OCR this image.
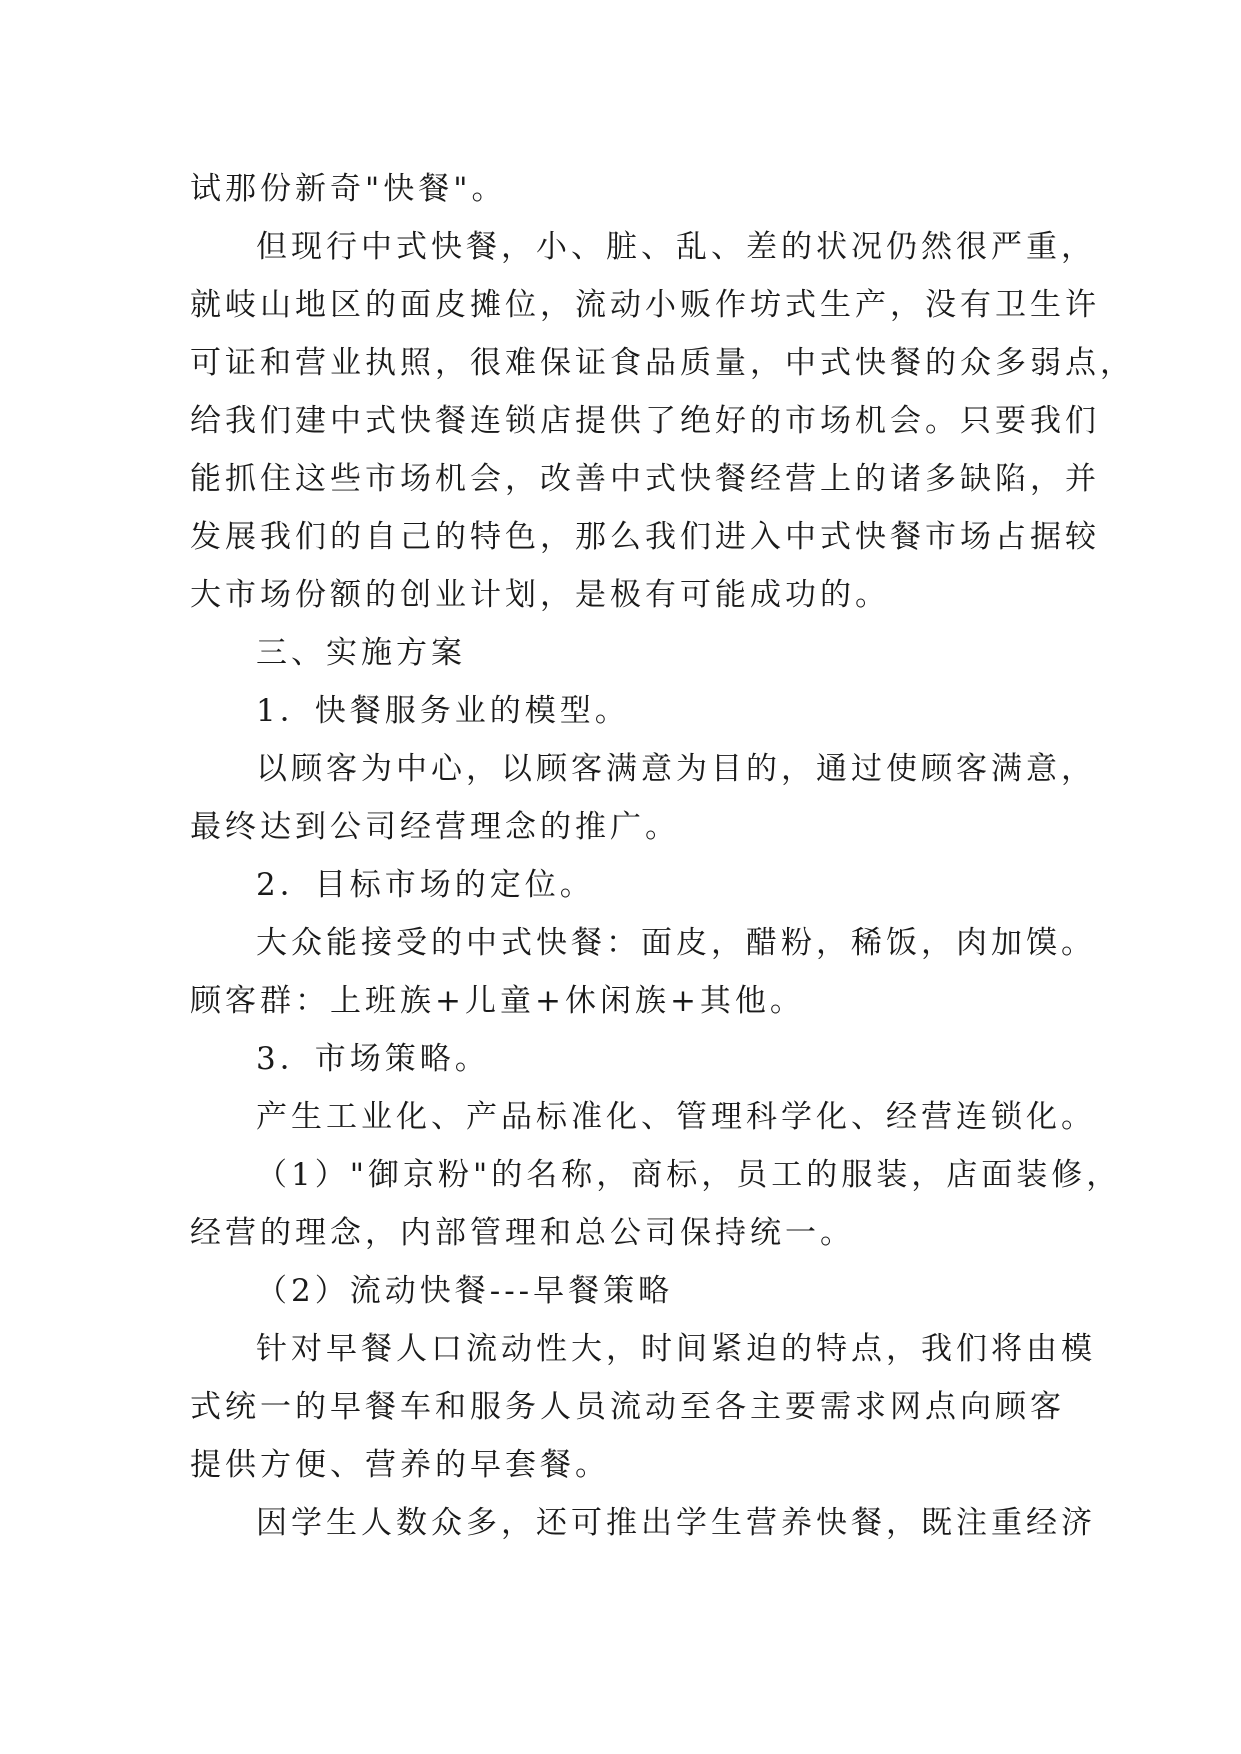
试那份新奇"快餐"。
但现行中式快餐，小、脏、乱、差的状况仍然很严重，
就岐山地区的面皮摊位，流动小贩作坊式生产，没有卫生许
可证和营业执照，很难保证食品质量，中式快餐的众多弱点，
给我们建中式快餐连锁店提供了绝好的市场机会。只要我们
能抓住这些市场机会，改善中式快餐经营上的诸多缺陷，并
发展我们的自己的特色，那么我们进入中式快餐市场占据较
大市场份额的创业计划，是极有可能成功的。
三、实施方案
1．快餐服务业的模型。
以顾客为中心，以顾客满意为目的，通过使顾客满意，
最终达到公司经营理念的推广。
2．目标市场的定位。
大众能接受的中式快餐：面皮，醋粉，稀饭，肉加馍。
顾客群：上班族+儿童+休闲族+其他。
3．市场策略。
产生工业化、产品标准化、管理科学化、经营连锁化。
（1）"御京粉"的名称，商标，员工的服装，店面装修，
经营的理念，内部管理和总公司保持统一。
（2）流动快餐---早餐策略
针对早餐人口流动性大，时间紧迫的特点，我们将由模
式统一的早餐车和服务人员流动至各主要需求网点向顾客
提供方便、营养的早套餐。
因学生人数众多，还可推出学生营养快餐，既注重经济
